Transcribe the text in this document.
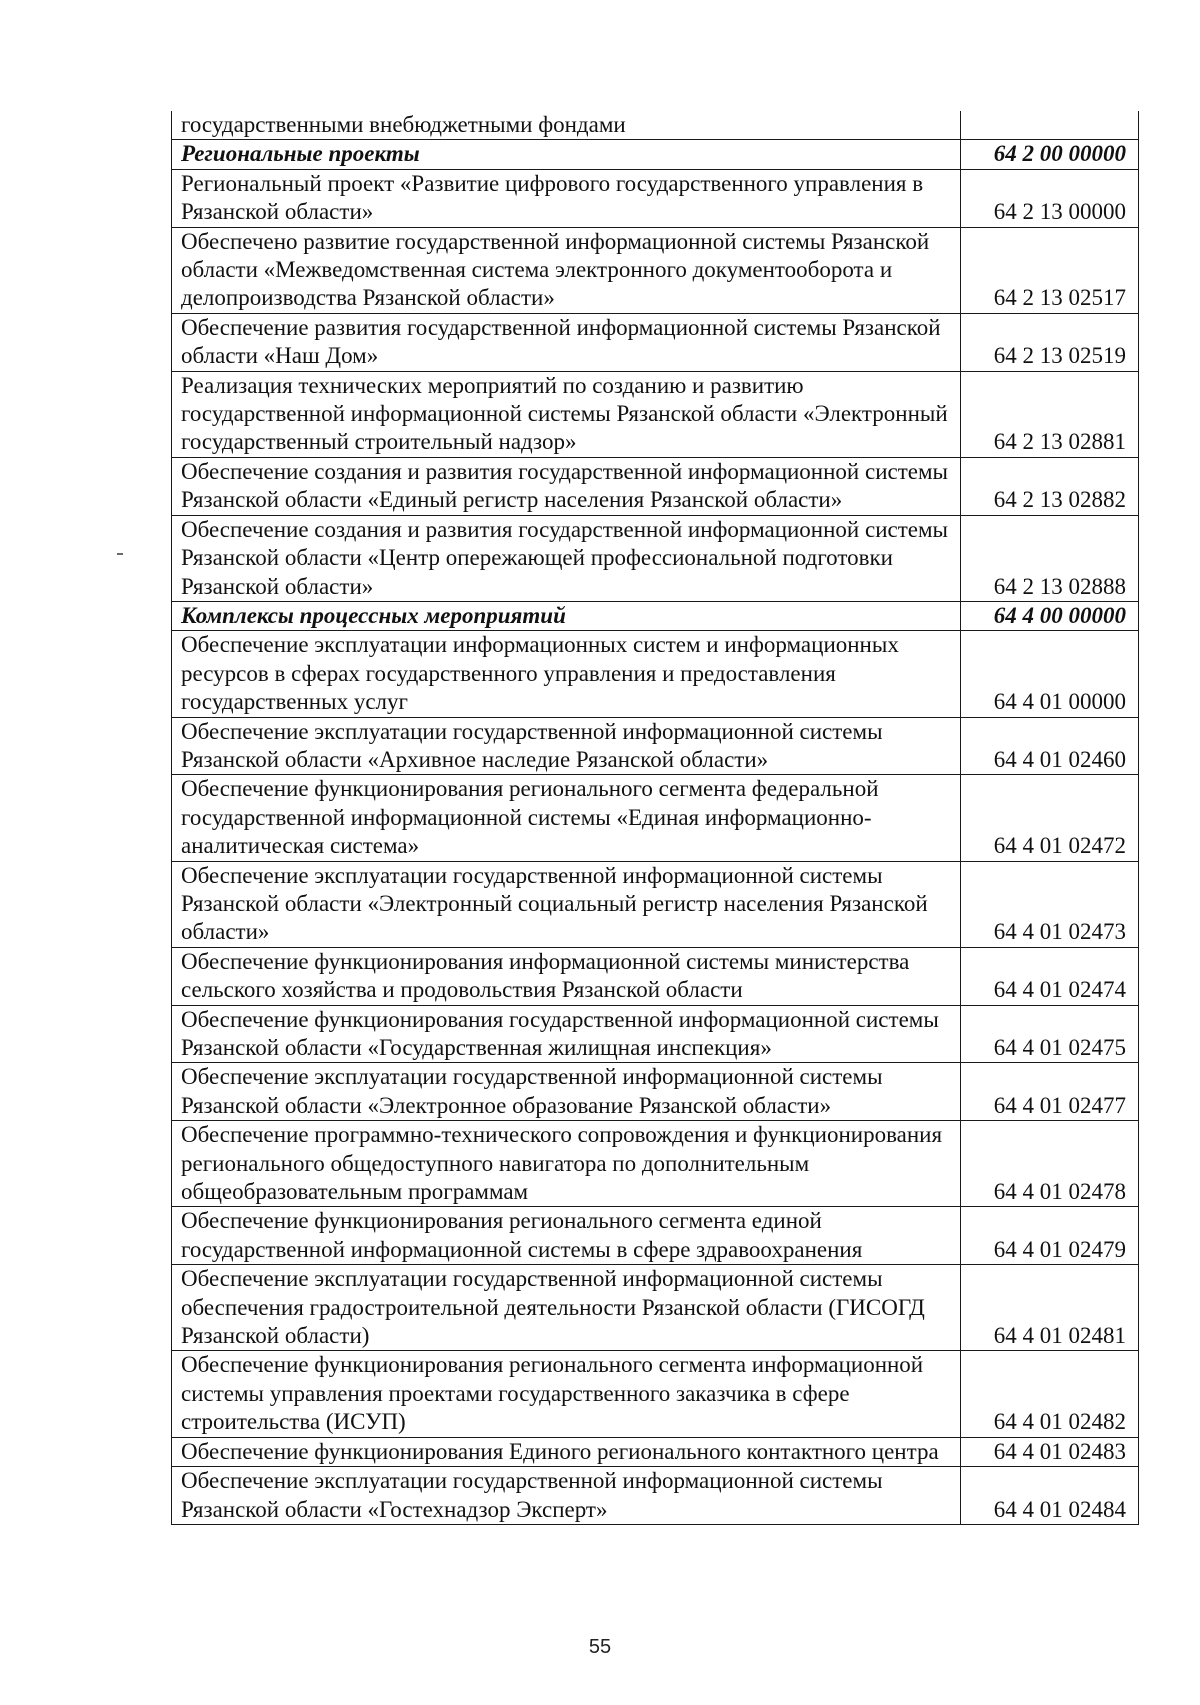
государственными внебюджетными фондами	
Региональные проекты	64 2 00 00000
Региональный проект «Развитие цифрового государственного управления в Рязанской области»	64 2 13 00000
Обеспечено развитие государственной информационной системы Рязанской области «Межведомственная система электронного документооборота и делопроизводства Рязанской области»	64 2 13 02517
Обеспечение развития государственной информационной системы Рязанской области «Наш Дом»	64 2 13 02519
Реализация технических мероприятий по созданию и развитию государственной информационной системы Рязанской области «Электронный государственный строительный надзор»	64 2 13 02881
Обеспечение создания и развития государственной информационной системы Рязанской области «Единый регистр населения Рязанской области»	64 2 13 02882
Обеспечение создания и развития государственной информационной системы Рязанской области «Центр опережающей профессиональной подготовки Рязанской области»	64 2 13 02888
Комплексы процессных мероприятий	64 4 00 00000
Обеспечение эксплуатации информационных систем и информационных ресурсов в сферах государственного управления и предоставления государственных услуг	64 4 01 00000
Обеспечение эксплуатации государственной информационной системы Рязанской области «Архивное наследие Рязанской области»	64 4 01 02460
Обеспечение функционирования регионального сегмента федеральной государственной информационной системы «Единая информационно-аналитическая система»	64 4 01 02472
Обеспечение эксплуатации государственной информационной системы Рязанской области «Электронный социальный регистр населения Рязанской области»	64 4 01 02473
Обеспечение функционирования информационной системы министерства сельского хозяйства и продовольствия Рязанской области	64 4 01 02474
Обеспечение функционирования государственной информационной системы Рязанской области «Государственная жилищная инспекция»	64 4 01 02475
Обеспечение эксплуатации государственной информационной системы Рязанской области «Электронное образование Рязанской области»	64 4 01 02477
Обеспечение программно-технического сопровождения и функционирования регионального общедоступного навигатора по дополнительным общеобразовательным программам	64 4 01 02478
Обеспечение функционирования регионального сегмента единой государственной информационной системы в сфере здравоохранения	64 4 01 02479
Обеспечение эксплуатации государственной информационной системы обеспечения градостроительной деятельности Рязанской области (ГИСОГД Рязанской области)	64 4 01 02481
Обеспечение функционирования регионального сегмента информационной системы управления проектами государственного заказчика в сфере строительства (ИСУП)	64 4 01 02482
Обеспечение функционирования Единого регионального контактного центра	64 4 01 02483
Обеспечение эксплуатации государственной информационной системы Рязанской области «Гостехнадзор Эксперт»	64 4 01 02484
55
